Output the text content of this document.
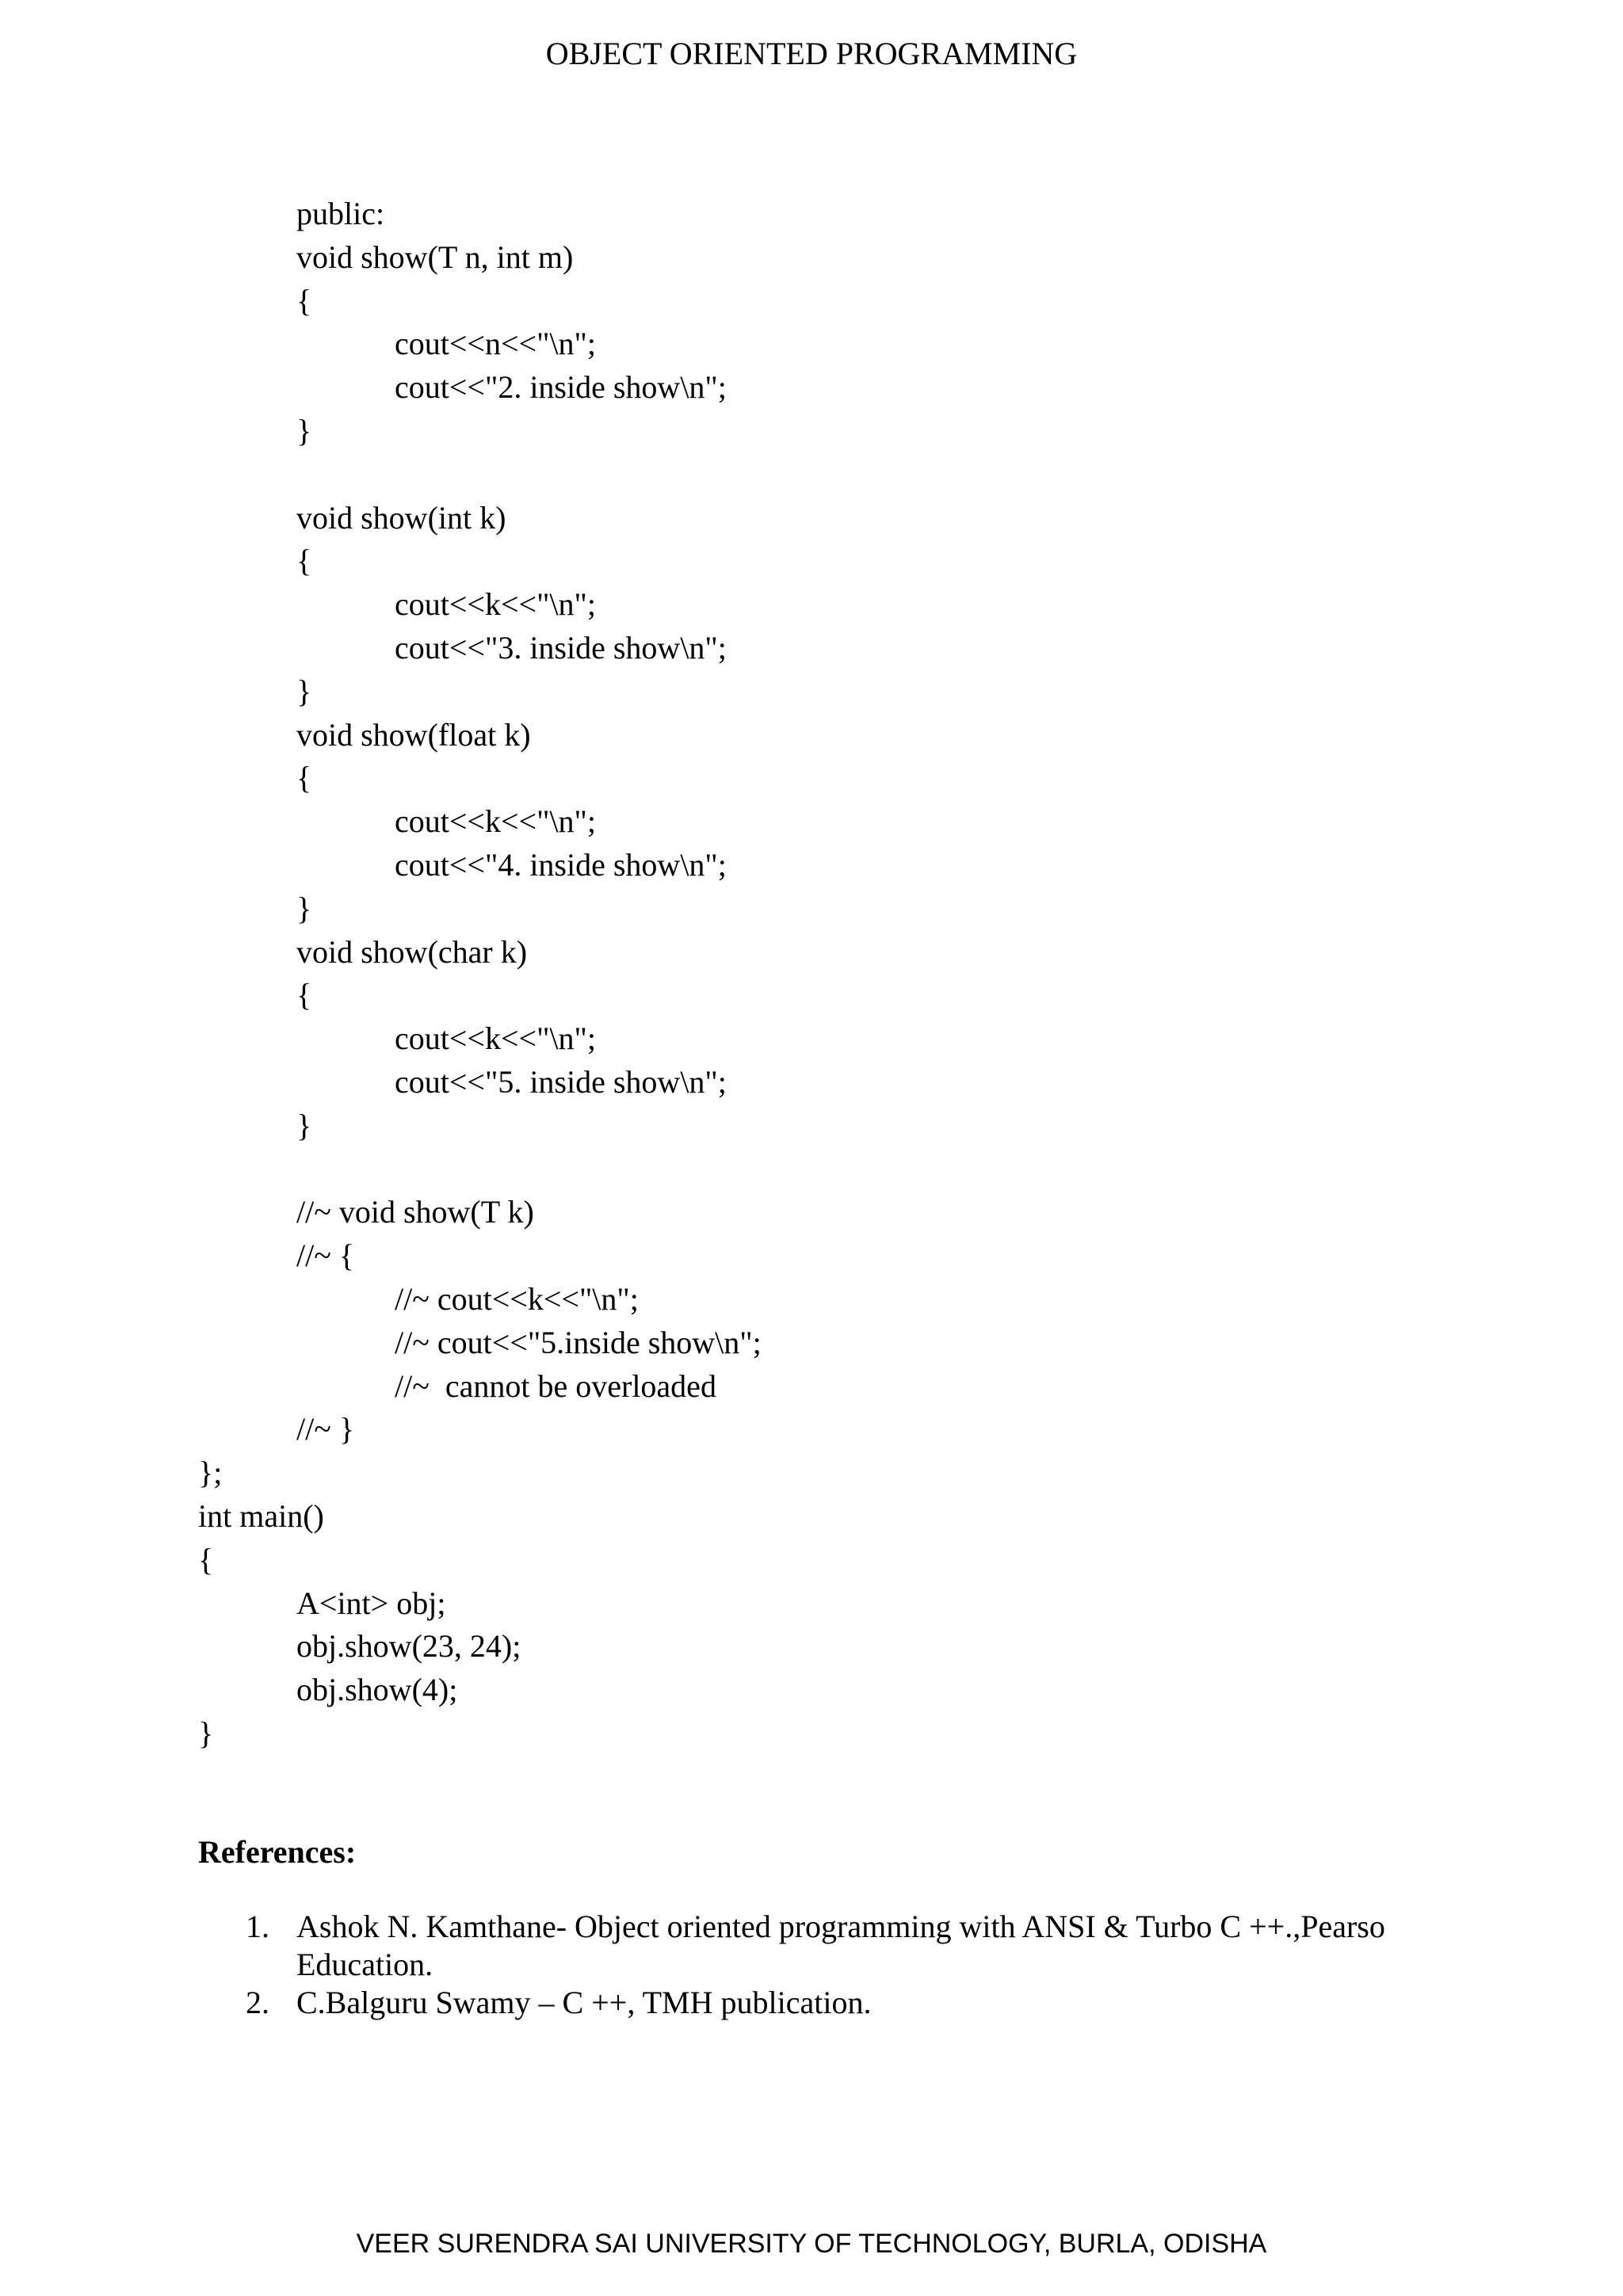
OBJECT ORIENTED PROGRAMMING
public:
void show(T n, int m)
{
cout<<n<<"\n";
cout<<"2. inside show\n";
}
void show(int k)
{
cout<<k<<"\n";
cout<<"3. inside show\n";
}
void show(float k)
{
cout<<k<<"\n";
cout<<"4. inside show\n";
}
void show(char k)
{
cout<<k<<"\n";
cout<<"5. inside show\n";
}
//~ void show(T k)
//~ {
//~ cout<<k<<"\n";
//~ cout<<"5.inside show\n";
//~  cannot be overloaded
//~ }
};
int main()
{
A<int> obj;
obj.show(23, 24);
obj.show(4);
}
References:
1. Ashok N. Kamthane- Object oriented programming with ANSI & Turbo C ++.,Pearso
Education.
2. C.Balguru Swamy – C ++, TMH publication.
VEER SURENDRA SAI UNIVERSITY OF TECHNOLOGY, BURLA, ODISHA
